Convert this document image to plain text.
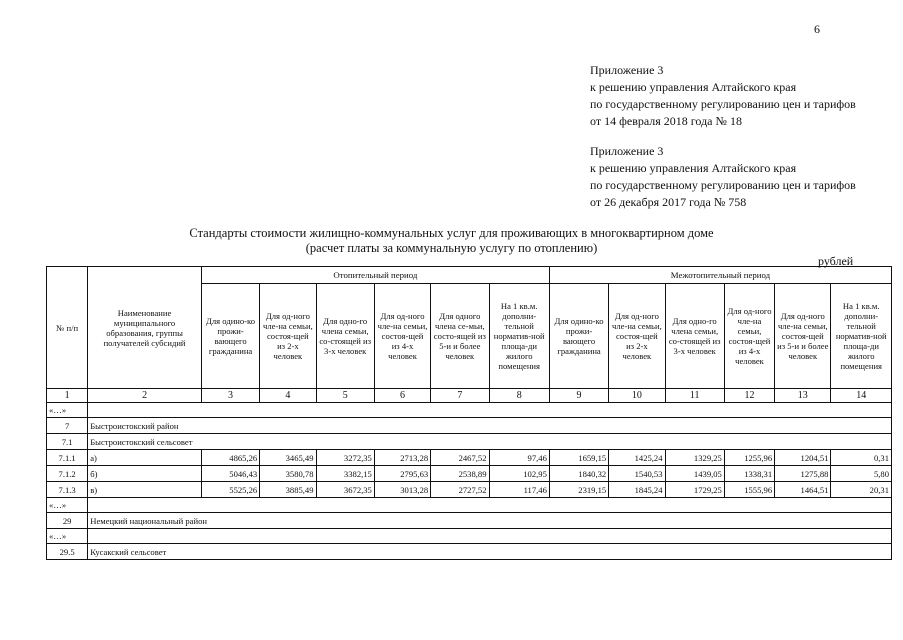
6
Приложение 3
к решению управления Алтайского края
по государственному регулированию цен и тарифов
от 14 февраля 2018 года № 18
Приложение 3
к решению управления Алтайского края
по государственному регулированию цен и тарифов
от 26 декабря 2017 года № 758
Стандарты стоимости жилищно-коммунальных услуг для проживающих в многоквартирном доме
(расчет платы за коммунальную услугу по отоплению)
рублей
№ п/п	Наименование муниципального образования, группы получателей субсидий	Отопительный период						Межотопительный период					
		Для одино-ко прожи-вающего гражданина	Для од-ного чле-на семьи, состоя-щей из 2-х человек	Для одно-го члена семьи, со-стоящей из 3-х человек	Для од-ного чле-на семьи, состоя-щей из 4-х человек	Для одного члена се-мьи, состо-ящей из 5-и и более человек	На 1 кв.м. дополни-тельной норматив-ной площа-ди жилого помещения	Для одино-ко прожи-вающего гражданина	Для од-ного чле-на семьи, состоя-щей из 2-х человек	Для одно-го члена семьи, со-стоящей из 3-х человек	Для од-ного чле-на семьи, состоя-щей из 4-х человек	Для од-ного чле-на семьи, состоя-щей из 5-и и более человек	На 1 кв.м. дополни-тельной норматив-ной площа-ди жилого помещения
1	2	3	4	5	6	7	8	9	10	11	12	13	14
«…»													
7	Быстроистокский район												
7.1	Быстроистокский сельсовет												
7.1.1	а)	4865,26	3465,49	3272,35	2713,28	2467,52	97,46	1659,15	1425,24	1329,25	1255,96	1204,51	0,31
7.1.2	б)	5046,43	3580,78	3382,15	2795,63	2538,89	102,95	1840,32	1540,53	1439,05	1338,31	1275,88	5,80
7.1.3	в)	5525,26	3885,49	3672,35	3013,28	2727,52	117,46	2319,15	1845,24	1729,25	1555,96	1464,51	20,31
«…»													
29	Немецкий национальный район												
«…»													
29.5	Кусакский сельсовет												
